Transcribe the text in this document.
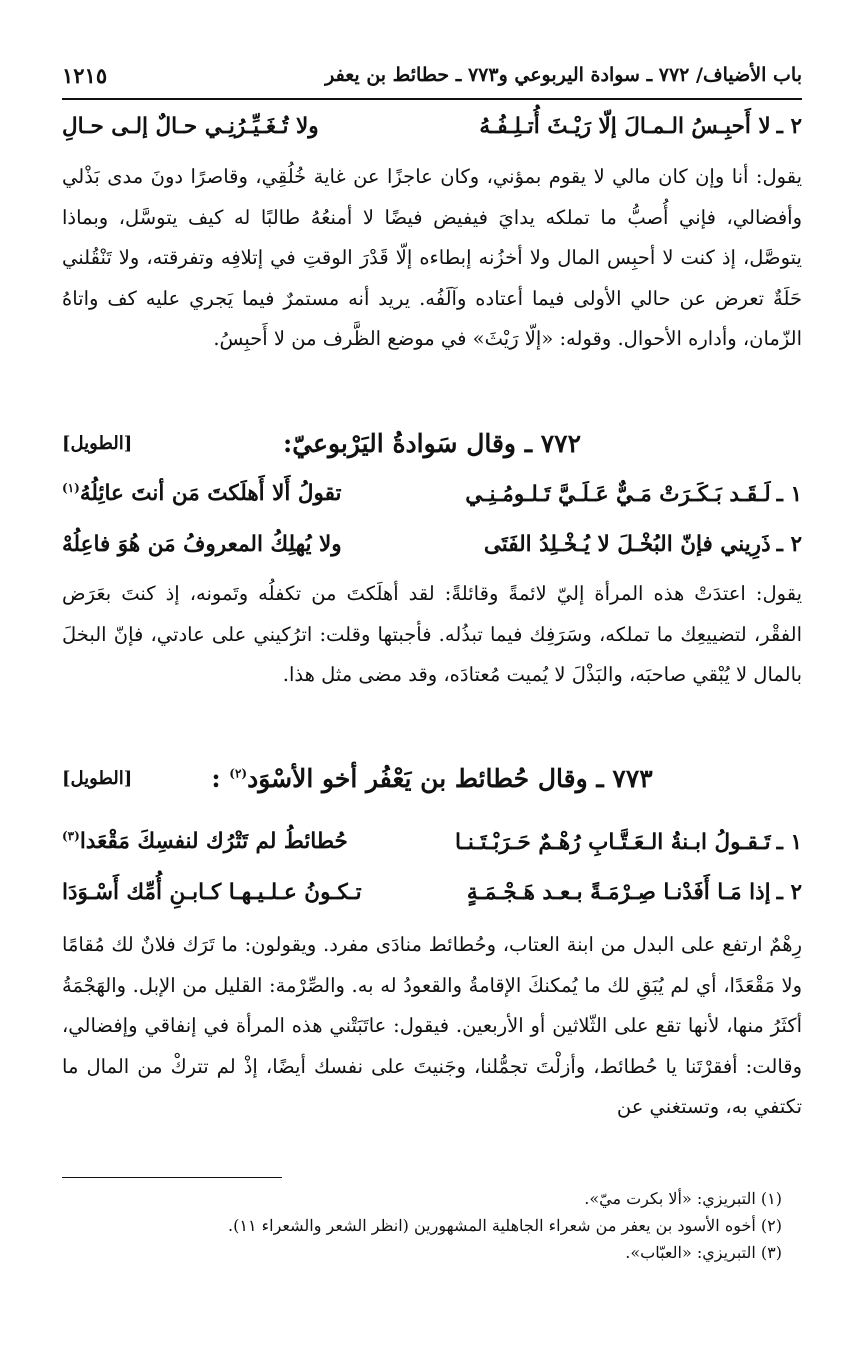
باب الأضياف/ ٧٧٢ ـ سوادة اليربوعي و٧٧٣ ـ حطائط بن يعفر
١٢١٥
٢ ـ
لا أَحبِـسُ الـمـالَ إلّا رَيْـثَ أُتـلِـفُـهُ
ولا تُـغَـيِّـرُنِـي حـالٌ إلـى حـالِ

يقول: أنا وإن كان مالي لا يقوم بمؤني، وكان عاجزًا عن غاية خُلُقِي، وقاصرًا دونَ مدى بَذْلي وأفضالي، فإني أُصبُّ ما تملكه يدايَ فيفيض فيضًا لا أمنعُهُ طالبًا له كيف يتوسَّل، وبماذا يتوصَّل، إذ كنت لا أحبِس المال ولا أخزُنه إبطاءه إلّا قَدْرَ الوقتِ في إتلافِه وتفرقته، ولا تَنْقُلني حَلَةٌ تعرض عن حالي الأولى فيما أعتاده وآلَفُه. يريد أنه مستمرٌ فيما يَجري عليه كف واتاهُ الزّمان، وأداره الأحوال. وقوله: «إلّا رَيْثَ» في موضع الظَّرف من لا أَحبِسُ.

٧٧٢ ـ وقال سَوادةُ اليَرْبوعيّ:
[الطويل]
١ ـ
لَـقَـد بَـكَـرَتْ مَـيٌّ عَـلَـيَّ تَـلـومُـنِـي
تقولُ أَلا أَهلَكتَ مَن أنتَ عائِلُهُ$^{(١)}$
٢ ـ
ذَرِيني فإنّ البُخْـلَ لا يُـخْـلِدُ الفَتَى
ولا يُهلِكُ المعروفُ مَن هُوَ فاعِلُهْ

يقول: اعتدَتْ هذه المرأة إليّ لائمةً وقائلةً: لقد أهلَكتَ من تكفلُه وتَمونه، إذ كنتَ بعَرَض الفقْر، لتضييعِك ما تملكه، وسَرَفِك فيما تبذُله. فأجبتها وقلت: اترُكيني على عادتي، فإنّ البخلَ بالمال لا يُبْقي صاحبَه، والبَذْلَ لا يُميت مُعتادَه، وقد مضى مثل هذا.

٧٧٣ ـ وقال حُطائط بن يَعْفُر أخو الأسْوَد$^{(٢)}$ :
[الطويل]
١ ـ
تَـقـولُ ابـنةُ الـعَـتَّـابِ رُهْـمٌ حَـرَبْـتَـنـا
حُطائطُ لم تَتْرُك لنفسِكَ مَقْعَدا$^{(٣)}$
٢ ـ
إذا مَـا أَفَدْنـا صِـرْمَـةً بـعـد هَـجْـمَـةٍ
تـكـونُ عـلـيـهـا كـابـنِ أُمِّك أَسْـوَدَا

رِهْمٌ ارتفع على البدل من ابنة العتاب، وحُطائط منادَى مفرد. ويقولون: ما تَرَك فلانٌ لك مُقامًا ولا مَقْعَدًا، أي لم يُبَقِ لك ما يُمكنكَ الإقامةُ والقعودُ له به. والصِّرْمة: القليل من الإبل. والهَجْمَةُ أكثَرُ منها، لأنها تقع على الثّلاثين أو الأربعين. فيقول: عاتَبَتْني هذه المرأة في إنفاقي وإفضالي، وقالت: أفقرْتَنا يا حُطائط، وأزلْتَ تجمُّلنا، وجَنيتَ على نفسك أيضًا، إذْ لم تتركْ من المال ما تكتفي به، وتستغني عن

(١) التبريزي: «ألا بكرت ميّ».
(٢) أخوه الأسود بن يعفر من شعراء الجاهلية المشهورين (انظر الشعر والشعراء ١١).
(٣) التبريزي: «العبّاب».
